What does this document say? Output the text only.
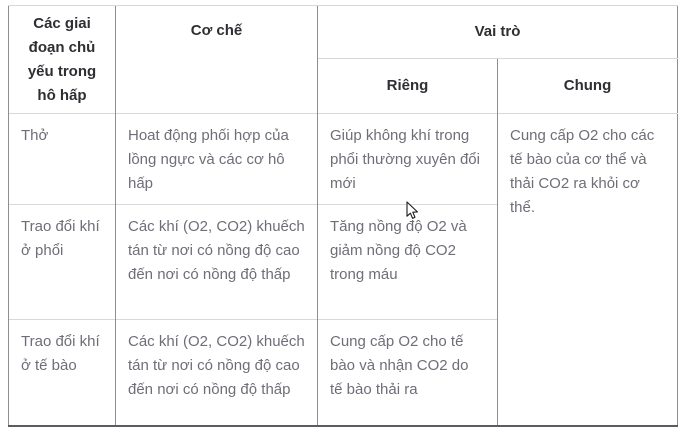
Các giai đoạn chủ yếu trong hô hấp	Cơ chế	Vai trò	
		Riêng	Chung
Thở	Hoat động phối hợp của lồng ngực và các cơ hô hấp	Giúp không khí trong phổi thường xuyên đổi mới	Cung cấp O2 cho các tế bào của cơ thể và thải CO2 ra khỏi cơ thể.
Trao đổi khí ở phổi	Các khí (O2, CO2) khuếch tán từ nơi có nồng độ cao đến nơi có nồng độ thấp	Tăng nồng độ O2 và giảm nồng độ CO2 trong máu	
Trao đổi khí ở tế bào	Các khí (O2, CO2) khuếch tán từ nơi có nồng độ cao đến nơi có nồng độ thấp	Cung cấp O2 cho tế bào và nhận CO2 do tế bào thải ra	
